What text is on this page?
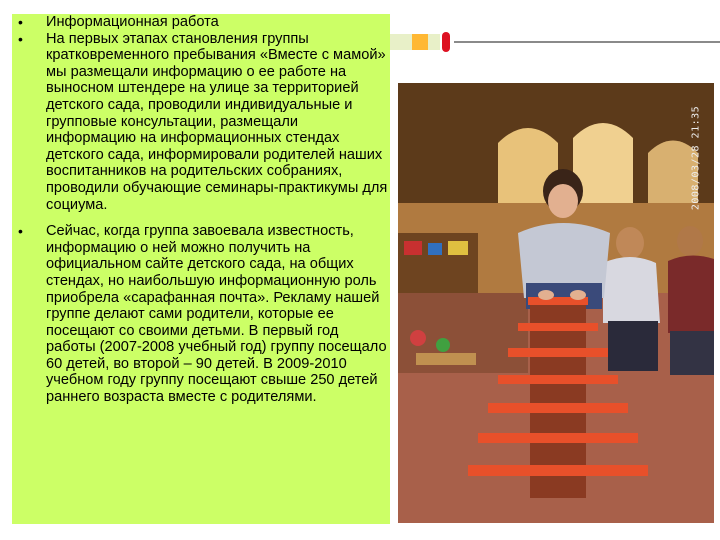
• Информационная работа
• На первых этапах становления группы кратковременного пребывания «Вместе с мамой» мы размещали информацию о ее работе на выносном штендере на улице за территорией детского сада, проводили индивидуальные и групповые консультации, размещали информацию на информационных стендах детского сада, информировали родителей наших воспитанников на родительских собраниях, проводили обучающие семинары-практикумы для социума.
• Сейчас, когда группа завоевала известность, информацию о ней можно получить на официальном сайте детского сада, на общих стендах, но наибольшую информационную роль приобрела «сарафанная почта». Рекламу нашей группе делают сами родители, которые ее посещают со своими детьми. В первый год работы (2007-2008 учебный год) группу посещало 60 детей, во второй – 90 детей. В 2009-2010 учебном году группу посещают свыше 250 детей раннего возраста вместе с родителями.
2008/03/28 21:35
